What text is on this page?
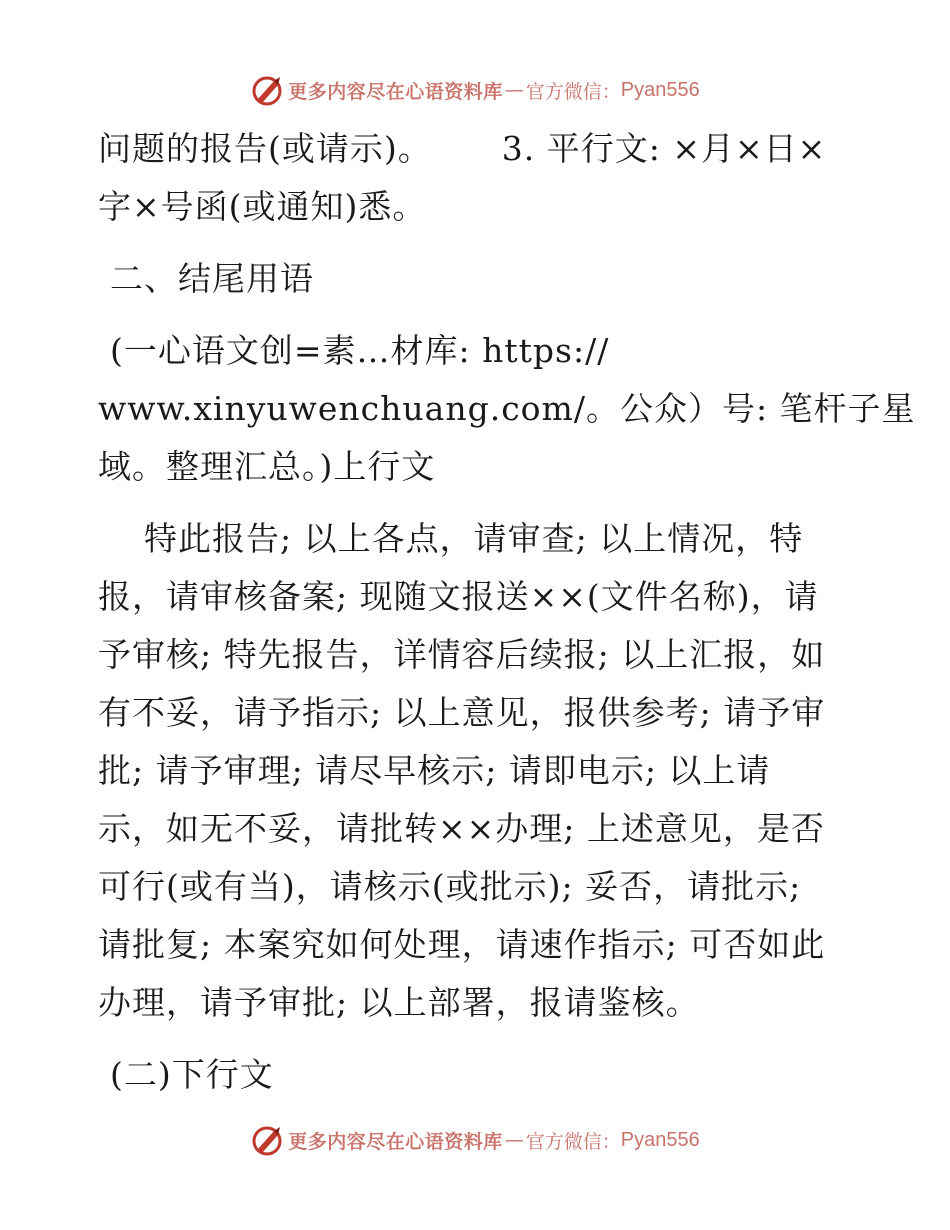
更多内容尽在心语资料库 — 官方微信： Pyan556
问题的报告(或请示)。 3. 平行文: ×月×日×
字×号函(或通知)悉。
二、结尾用语
(一心语文创=素…材库: https://
www.xinyuwenchuang.com/。公众）号: 笔杆子星
域。整理汇总。)上行文
特此报告; 以上各点，请审查; 以上情况，特
报，请审核备案; 现随文报送××(文件名称)，请
予审核; 特先报告，详情容后续报; 以上汇报，如
有不妥，请予指示; 以上意见，报供参考; 请予审
批; 请予审理; 请尽早核示; 请即电示; 以上请
示，如无不妥，请批转××办理; 上述意见，是否
可行(或有当)，请核示(或批示); 妥否，请批示;
请批复; 本案究如何处理，请速作指示; 可否如此
办理，请予审批; 以上部署，报请鉴核。
(二)下行文
更多内容尽在心语资料库 — 官方微信： Pyan556
